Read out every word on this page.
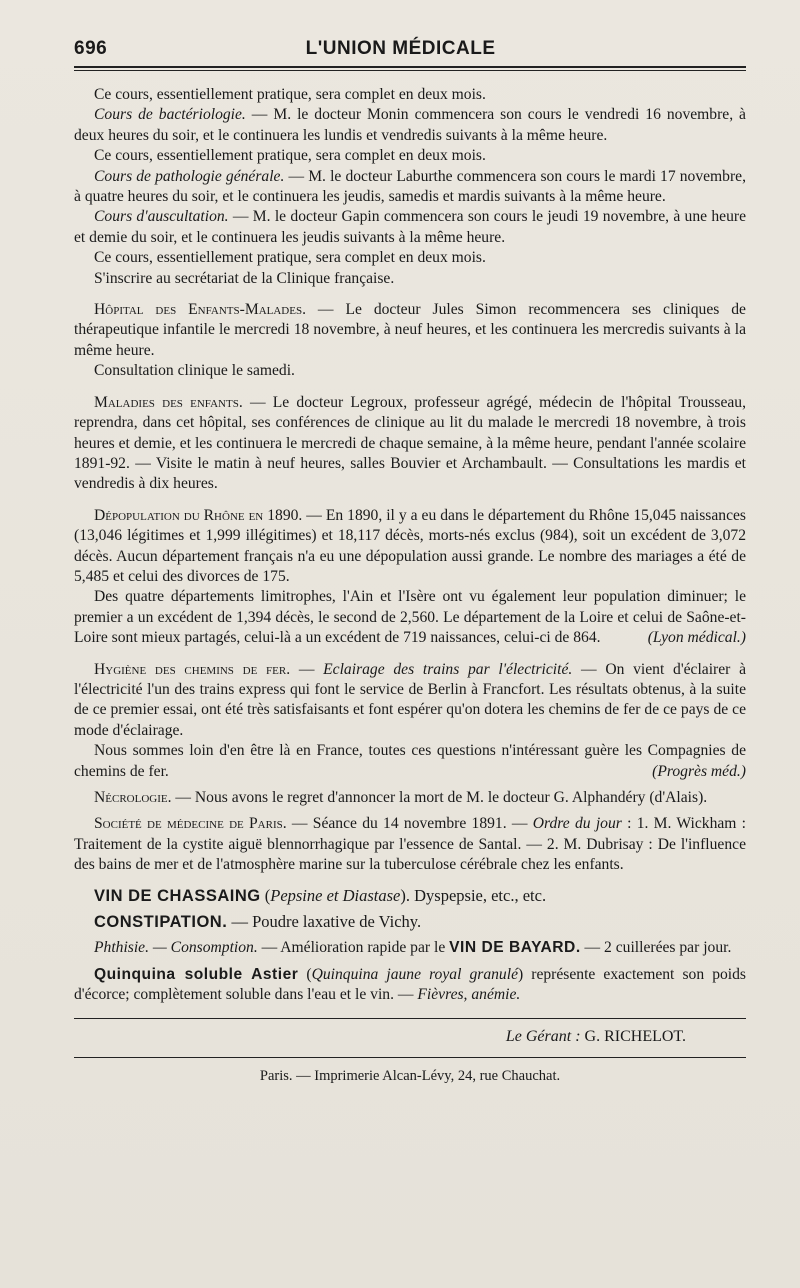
696	L'UNION MÉDICALE

Ce cours, essentiellement pratique, sera complet en deux mois.

Cours de bactériologie. — M. le docteur Monin commencera son cours le vendredi 16 novembre, à deux heures du soir, et le continuera les lundis et vendredis suivants à la même heure.

Ce cours, essentiellement pratique, sera complet en deux mois.

Cours de pathologie générale. — M. le docteur Laburthe commencera son cours le mardi 17 novembre, à quatre heures du soir, et le continuera les jeudis, samedis et mardis suivants à la même heure.

Cours d'auscultation. — M. le docteur Gapin commencera son cours le jeudi 19 novembre, à une heure et demie du soir, et le continuera les jeudis suivants à la même heure.

Ce cours, essentiellement pratique, sera complet en deux mois.

S'inscrire au secrétariat de la Clinique française.

Hôpital des Enfants-Malades. — Le docteur Jules Simon recommencera ses cliniques de thérapeutique infantile le mercredi 18 novembre, à neuf heures, et les continuera les mercredis suivants à la même heure.

Consultation clinique le samedi.

Maladies des enfants. — Le docteur Legroux, professeur agrégé, médecin de l'hôpital Trousseau, reprendra, dans cet hôpital, ses conférences de clinique au lit du malade le mercredi 18 novembre, à trois heures et demie, et les continuera le mercredi de chaque semaine, à la même heure, pendant l'année scolaire 1891-92. — Visite le matin à neuf heures, salles Bouvier et Archambault. — Consultations les mardis et vendredis à dix heures.

Dépopulation du Rhône en 1890. — En 1890, il y a eu dans le département du Rhône 15,045 naissances (13,046 légitimes et 1,999 illégitimes) et 18,117 décès, morts-nés exclus (984), soit un excédent de 3,072 décès. Aucun département français n'a eu une dépopulation aussi grande. Le nombre des mariages a été de 5,485 et celui des divorces de 175.

Des quatre départements limitrophes, l'Ain et l'Isère ont vu également leur population diminuer; le premier a un excédent de 1,394 décès, le second de 2,560. Le département de la Loire et celui de Saône-et-Loire sont mieux partagés, celui-là a un excédent de 719 naissances, celui-ci de 864.	(Lyon médical.)

Hygiène des chemins de fer. — Eclairage des trains par l'électricité. — On vient d'éclairer à l'électricité l'un des trains express qui font le service de Berlin à Francfort. Les résultats obtenus, à la suite de ce premier essai, ont été très satisfaisants et font espérer qu'on dotera les chemins de fer de ce pays de ce mode d'éclairage.

Nous sommes loin d'en être là en France, toutes ces questions n'intéressant guère les Compagnies de chemins de fer.	(Progrès méd.)

Nécrologie. — Nous avons le regret d'annoncer la mort de M. le docteur G. Alphandéry (d'Alais).

Société de médecine de Paris. — Séance du 14 novembre 1891. — Ordre du jour : 1. M. Wickham : Traitement de la cystite aiguë blennorrhagique par l'essence de Santal. — 2. M. Dubrisay : De l'influence des bains de mer et de l'atmosphère marine sur la tuberculose cérébrale chez les enfants.

VIN DE CHASSAING (Pepsine et Diastase). Dyspepsie, etc., etc.

CONSTIPATION. — Poudre laxative de Vichy.

Phthisie. — Consomption. — Amélioration rapide par le VIN DE BAYARD. — 2 cuillerées par jour.

Quinquina soluble Astier (Quinquina jaune royal granulé) représente exactement son poids d'écorce; complètement soluble dans l'eau et le vin. — Fièvres, anémie.

Le Gérant : G. RICHELOT.
Paris. — Imprimerie Alcan-Lévy, 24, rue Chauchat.
